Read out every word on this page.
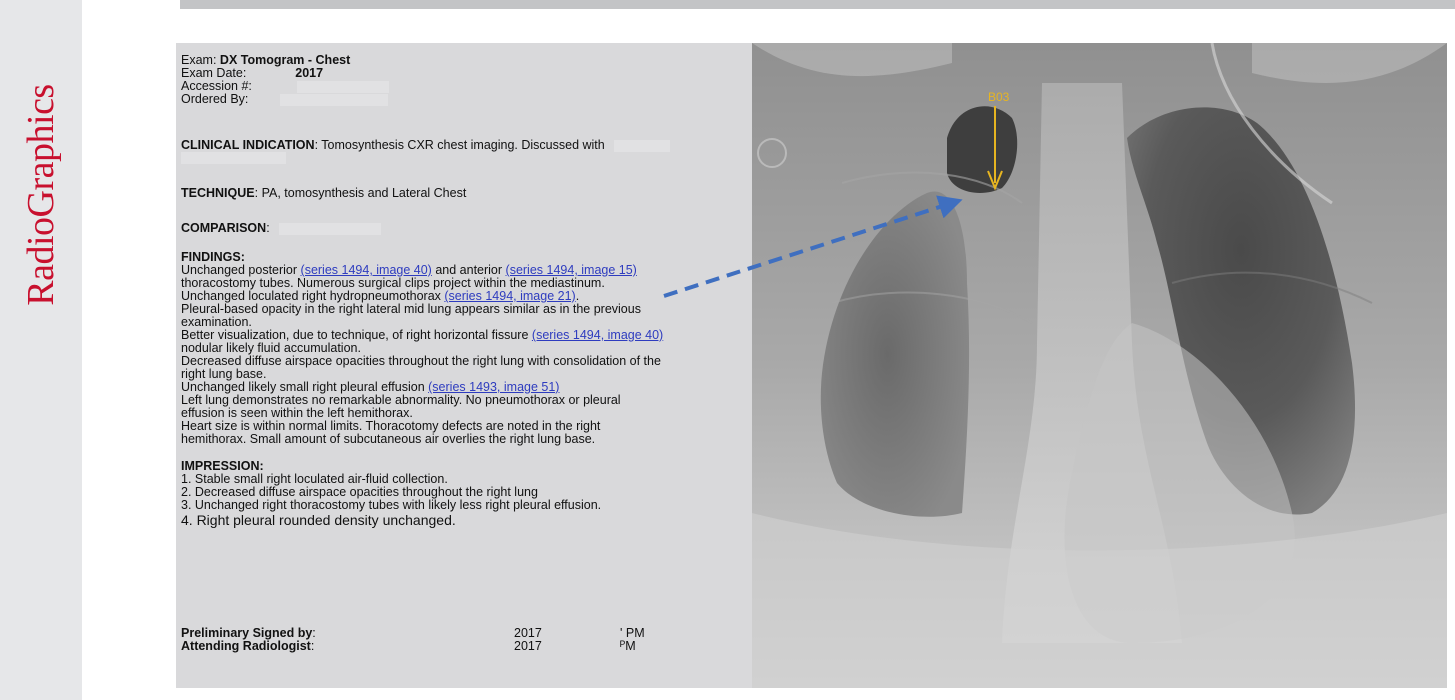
RadioGraphics
Exam: DX Tomogram - Chest
Exam Date:	2017
Accession #:
Ordered By:
CLINICAL INDICATION: Tomosynthesis CXR chest imaging. Discussed with
TECHNIQUE: PA, tomosynthesis and Lateral Chest
COMPARISON:
FINDINGS:
Unchanged posterior (series 1494, image 40) and anterior (series 1494, image 15)
thoracostomy tubes. Numerous surgical clips project within the mediastinum.
Unchanged loculated right hydropneumothorax (series 1494, image 21).
Pleural-based opacity in the right lateral mid lung appears similar as in the previous
examination.
Better visualization, due to technique, of right horizontal fissure (series 1494, image 40)
nodular likely fluid accumulation.
Decreased diffuse airspace opacities throughout the right lung with consolidation of the
right lung base.
Unchanged likely small right pleural effusion (series 1493, image 51)
Left lung demonstrates no remarkable abnormality. No pneumothorax or pleural
effusion is seen within the left hemithorax.
Heart size is within normal limits. Thoracotomy defects are noted in the right
hemithorax. Small amount of subcutaneous air overlies the right lung base.
IMPRESSION:
1. Stable small right loculated air-fluid collection.
2. Decreased diffuse airspace opacities throughout the right lung
3. Unchanged right thoracostomy tubes with likely less right pleural effusion.
4. Right pleural rounded density unchanged.
Preliminary Signed by:	2017	' PM
Attending Radiologist:	2017	ᴾM
B03
